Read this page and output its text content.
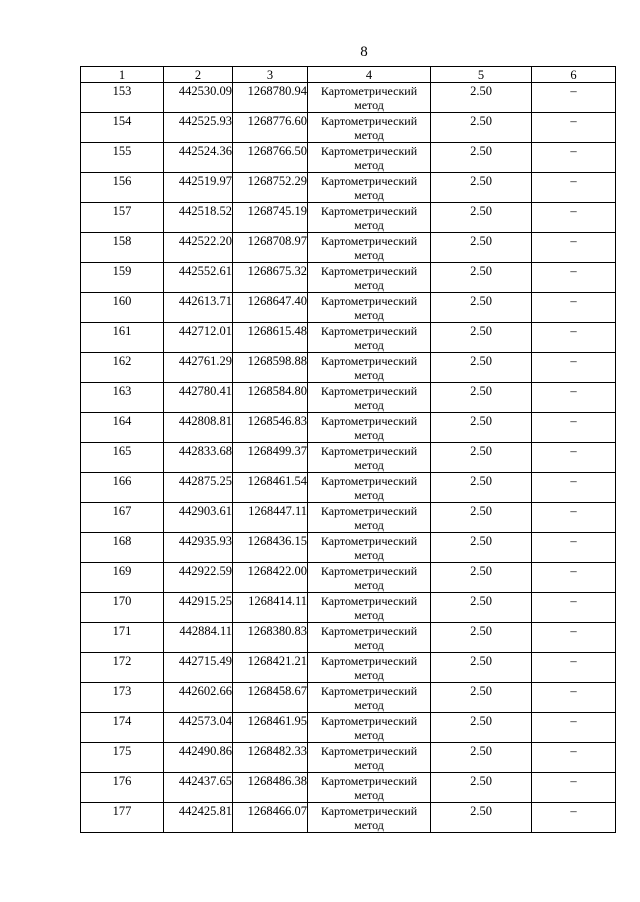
8
1	2	3	4	5	6
153	442530.09	1268780.94	Картометрический метод	2.50	–
154	442525.93	1268776.60	Картометрический метод	2.50	–
155	442524.36	1268766.50	Картометрический метод	2.50	–
156	442519.97	1268752.29	Картометрический метод	2.50	–
157	442518.52	1268745.19	Картометрический метод	2.50	–
158	442522.20	1268708.97	Картометрический метод	2.50	–
159	442552.61	1268675.32	Картометрический метод	2.50	–
160	442613.71	1268647.40	Картометрический метод	2.50	–
161	442712.01	1268615.48	Картометрический метод	2.50	–
162	442761.29	1268598.88	Картометрический метод	2.50	–
163	442780.41	1268584.80	Картометрический метод	2.50	–
164	442808.81	1268546.83	Картометрический метод	2.50	–
165	442833.68	1268499.37	Картометрический метод	2.50	–
166	442875.25	1268461.54	Картометрический метод	2.50	–
167	442903.61	1268447.11	Картометрический метод	2.50	–
168	442935.93	1268436.15	Картометрический метод	2.50	–
169	442922.59	1268422.00	Картометрический метод	2.50	–
170	442915.25	1268414.11	Картометрический метод	2.50	–
171	442884.11	1268380.83	Картометрический метод	2.50	–
172	442715.49	1268421.21	Картометрический метод	2.50	–
173	442602.66	1268458.67	Картометрический метод	2.50	–
174	442573.04	1268461.95	Картометрический метод	2.50	–
175	442490.86	1268482.33	Картометрический метод	2.50	–
176	442437.65	1268486.38	Картометрический метод	2.50	–
177	442425.81	1268466.07	Картометрический метод	2.50	–
